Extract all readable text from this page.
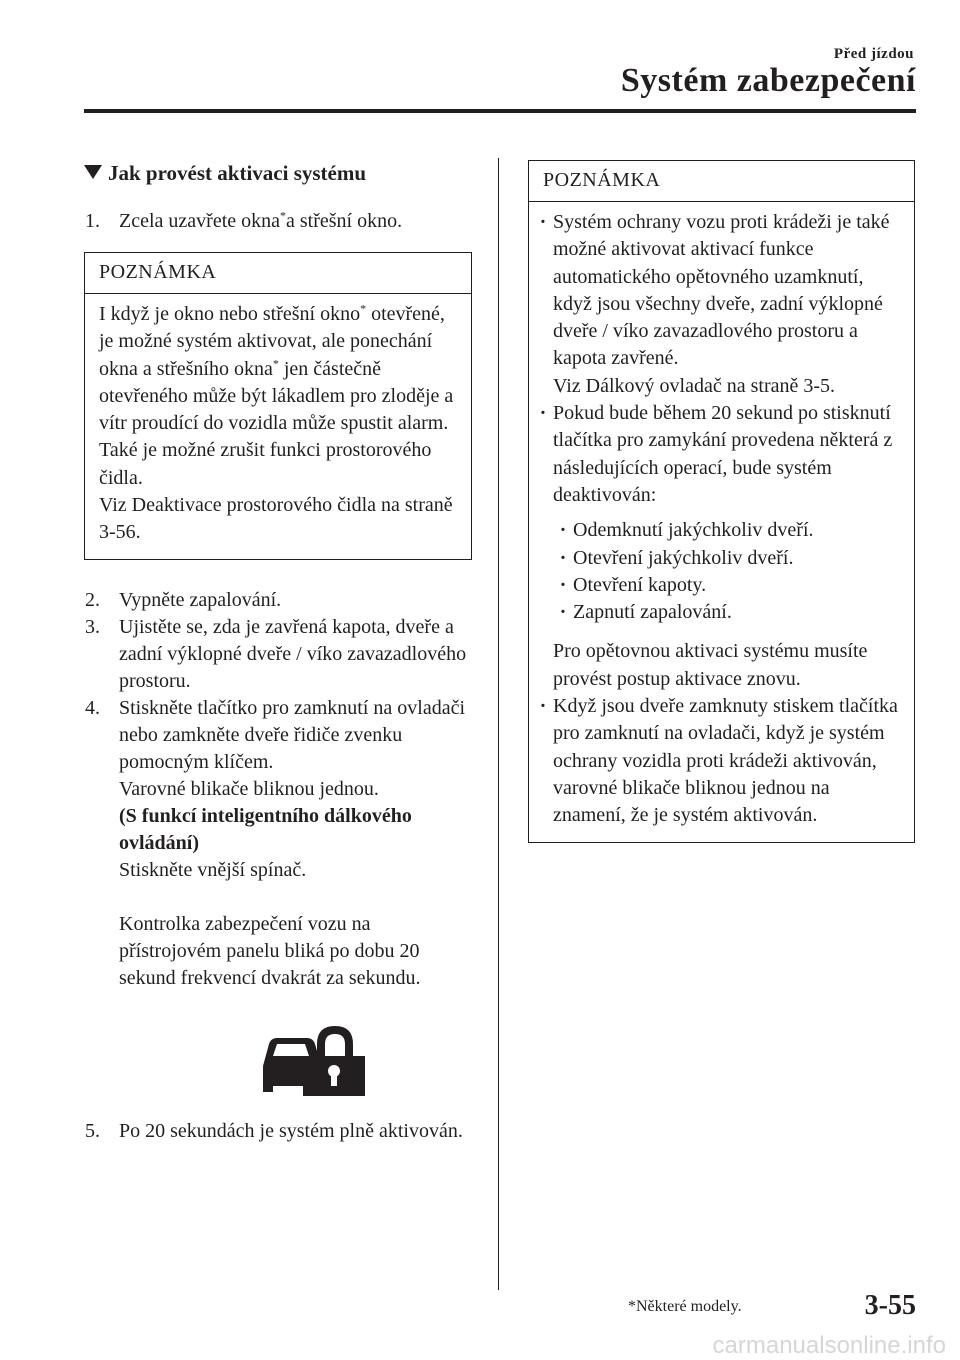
Před jízdou
Systém zabezpečení
Jak provést aktivaci systému
1. Zcela uzavřete okna*a střešní okno.
POZNÁMKA
I když je okno nebo střešní okno* otevřené, je možné systém aktivovat, ale ponechání okna a střešního okna* jen částečně otevřeného může být lákadlem pro zloděje a vítr proudící do vozidla může spustit alarm.
Také je možné zrušit funkci prostorového čidla.
Viz Deaktivace prostorového čidla na straně 3-56.
2. Vypněte zapalování.
3. Ujistěte se, zda je zavřená kapota, dveře a zadní výklopné dveře / víko zavazadlového prostoru.
4. Stiskněte tlačítko pro zamknutí na ovladači nebo zamkněte dveře řidiče zvenku pomocným klíčem.
Varovné blikače bliknou jednou.
(S funkcí inteligentního dálkového ovládání)
Stiskněte vnější spínač.
Kontrolka zabezpečení vozu na přístrojovém panelu bliká po dobu 20 sekund frekvencí dvakrát za sekundu.
5. Po 20 sekundách je systém plně aktivován.
POZNÁMKA
· Systém ochrany vozu proti krádeži je také možné aktivovat aktivací funkce automatického opětovného uzamknutí, když jsou všechny dveře, zadní výklopné dveře / víko zavazadlového prostoru a kapota zavřené.
Viz Dálkový ovladač na straně 3-5.
· Pokud bude během 20 sekund po stisknutí tlačítka pro zamykání provedena některá z následujících operací, bude systém deaktivován:
· Odemknutí jakýchkoliv dveří.
· Otevření jakýchkoliv dveří.
· Otevření kapoty.
· Zapnutí zapalování.
Pro opětovnou aktivaci systému musíte provést postup aktivace znovu.
· Když jsou dveře zamknuty stiskem tlačítka pro zamknutí na ovladači, když je systém ochrany vozidla proti krádeži aktivován, varovné blikače bliknou jednou na znamení, že je systém aktivován.
*Některé modely.	3-55
carmanualsonline.info
